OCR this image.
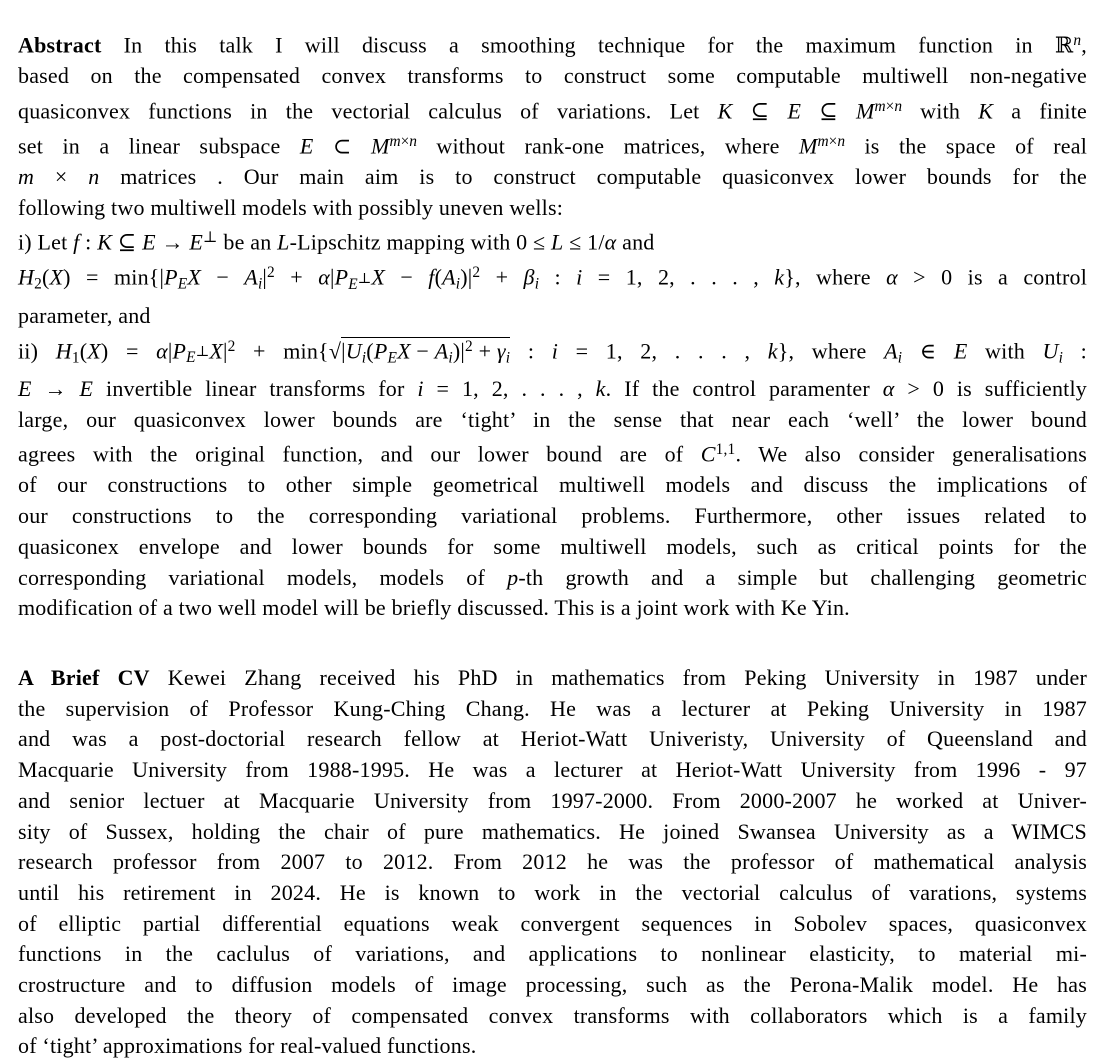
Abstract In this talk I will discuss a smoothing technique for the maximum function in ℝ$^n$,
based on the compensated convex transforms to construct some computable multiwell non-negative
quasiconvex functions in the vectorial calculus of variations. Let K ⊆ E ⊆ $M^{m\times n}$ with K a finite
set in a linear subspace E ⊂ $M^{m\times n}$ without rank-one matrices, where $M^{m\times n}$ is the space of real
m × n matrices . Our main aim is to construct computable quasiconvex lower bounds for the
following two multiwell models with possibly uneven wells:
i) Let f : K ⊆ E → E⊥ be an L-Lipschitz mapping with 0 ≤ L ≤ 1/α and
$H2(X) = \min\{|PEX - Ai|^2$ + α|PE⊥X − $f(Ai)|^2 + \beta i$ : i = 1, 2, . . . , k}, where α > 0 is a control
parameter, and
ii) $H1(X) = \alpha|PE\perp X|^2 + \min\{√|Ui(PEX - Ai)|^2 + \gamma i$ : i = 1, 2, . . . , k}, where Ai ∈ E with Ui :
E → E invertible linear transforms for i = 1, 2, . . . , k. If the control paramenter α > 0 is sufficiently
large, our quasiconvex lower bounds are ‘tight’ in the sense that near each ‘well’ the lower bound
agrees with the original function, and our lower bound are of C$^{1,1}$. We also consider generalisations
of our constructions to other simple geometrical multiwell models and discuss the implications of
our constructions to the corresponding variational problems. Furthermore, other issues related to
quasiconex envelope and lower bounds for some multiwell models, such as critical points for the
corresponding variational models, models of p-th growth and a simple but challenging geometric
modification of a two well model will be briefly discussed. This is a joint work with Ke Yin.
A Brief CV Kewei Zhang received his PhD in mathematics from Peking University in 1987 under
the supervision of Professor Kung-Ching Chang. He was a lecturer at Peking University in 1987
and was a post-doctorial research fellow at Heriot-Watt Univeristy, University of Queensland and
Macquarie University from 1988-1995. He was a lecturer at Heriot-Watt University from 1996 - 97
and senior lectuer at Macquarie University from 1997-2000. From 2000-2007 he worked at Univer-
sity of Sussex, holding the chair of pure mathematics. He joined Swansea University as a WIMCS
research professor from 2007 to 2012. From 2012 he was the professor of mathematical analysis
until his retirement in 2024. He is known to work in the vectorial calculus of varations, systems
of elliptic partial differential equations weak convergent sequences in Sobolev spaces, quasiconvex
functions in the caclulus of variations, and applications to nonlinear elasticity, to material mi-
crostructure and to diffusion models of image processing, such as the Perona-Malik model. He has
also developed the theory of compensated convex transforms with collaborators which is a family
of ‘tight’ approximations for real-valued functions.
